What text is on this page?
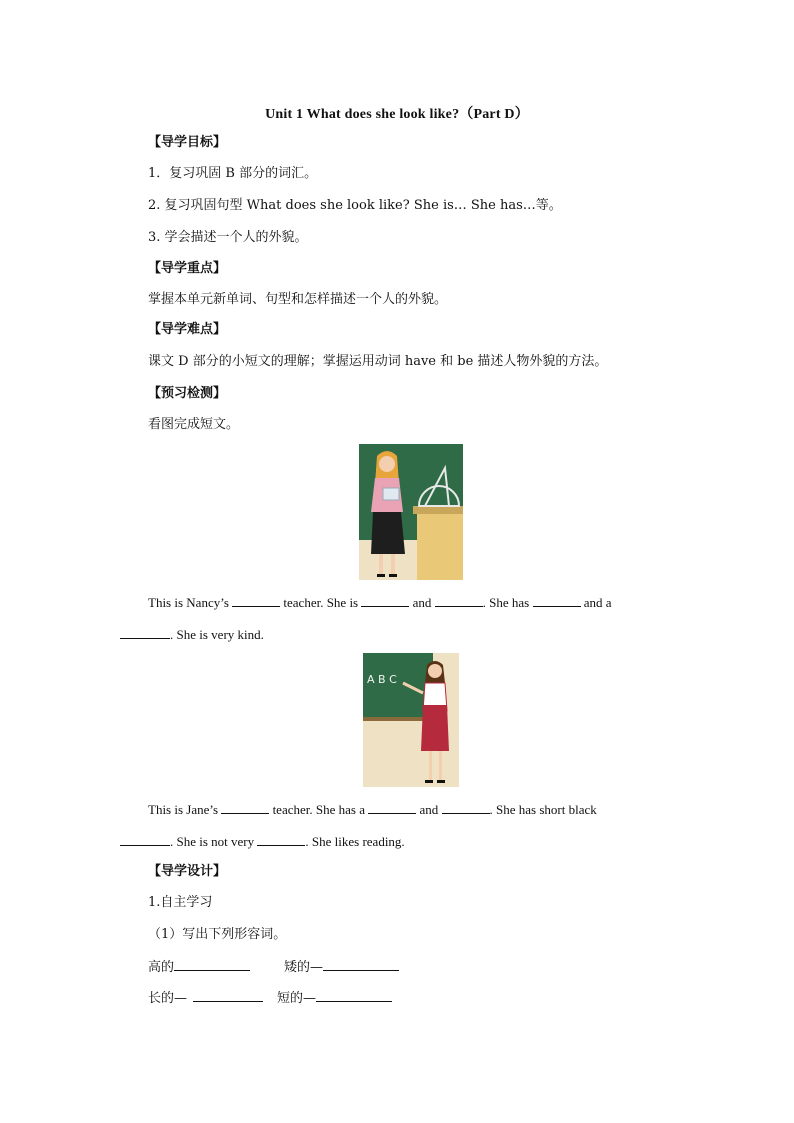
Unit 1 What does she look like?（Part D）
【导学目标】
1．复习巩固 B 部分的词汇。
2. 复习巩固句型 What does she look like? She is… She has…等。
3. 学会描述一个人的外貌。
【导学重点】
掌握本单元新单词、句型和怎样描述一个人的外貌。
【导学难点】
课文 D 部分的小短文的理解；掌握运用动词 have 和 be 描述人物外貌的方法。
【预习检测】
看图完成短文。
This is Nancy’s	teacher. She is	and	. She has	and a
. She is very kind.
A B C
This is Jane’s	teacher. She has a	and	. She has short black
. She is not very	. She likes reading.
【导学设计】
1.自主学习
（1）写出下列形容词。
高的	矮的—
长的—	短的—
